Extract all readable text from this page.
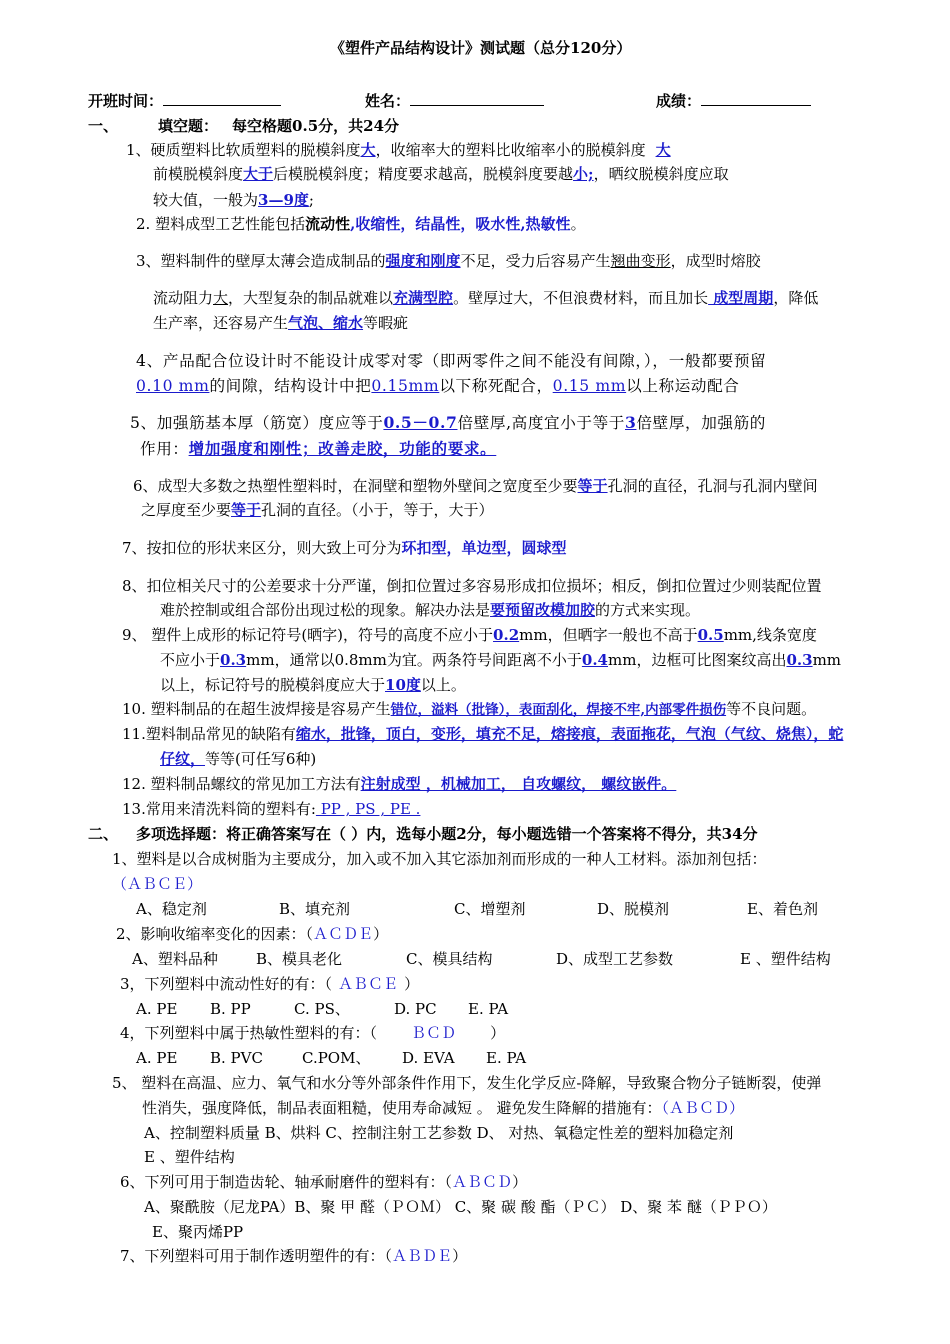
《塑件产品结构设计》测试题（总分120分）
开班时间：	姓名：	成绩：
一、	填空题： 每空格题0.5分，共24分
1、硬质塑料比软质塑料的脱模斜度大，收缩率大的塑料比收缩率小的脱模斜度 大
前模脱模斜度大于后模脱模斜度；精度要求越高，脱模斜度要越小;，晒纹脱模斜度应取
较大值，一般为3—9度;
2. 塑料成型工艺性能包括流动性,收缩性，结晶性，吸水性,热敏性。
3、塑料制件的壁厚太薄会造成制品的强度和刚度不足，受力后容易产生翘曲变形，成型时熔胶
流动阻力大，大型复杂的制品就难以充满型腔。壁厚过大，不但浪费材料，而且加长 成型周期，降低
生产率，还容易产生气泡、缩水等暇疵
4、产品配合位设计时不能设计成零对零（即两零件之间不能没有间隙，），一般都要预留
0.10 mm的间隙，结构设计中把0.15mm以下称死配合，0.15 mm以上称运动配合
5、加强筋基本厚（筋宽）度应等于0.5－0.7倍壁厚,高度宜小于等于3倍壁厚，加强筋的
作用：增加强度和刚性；改善走胶，功能的要求。
6、成型大多数之热塑性塑料时，在洞壁和塑物外壁间之宽度至少要等于孔洞的直径，孔洞与孔洞内壁间
之厚度至少要等于孔洞的直径。（小于，等于，大于）
7、按扣位的形状来区分，则大致上可分为环扣型，单边型，圆球型
8、扣位相关尺寸的公差要求十分严谨，倒扣位置过多容易形成扣位损坏；相反，倒扣位置过少则装配位置
难於控制或组合部份出现过松的现象。解决办法是要预留改模加胶的方式来实现。
9、 塑件上成形的标记符号(晒字)，符号的高度不应小于0.2mm，但晒字一般也不高于0.5mm,线条宽度
不应小于0.3mm，通常以0.8mm为宜。两条符号间距离不小于0.4mm，边框可比图案纹高出0.3mm
以上，标记符号的脱模斜度应大于10度以上。
10. 塑料制品的在超生波焊接是容易产生错位，溢料（批锋），表面刮化，焊接不牢,内部零件损伤等不良问题。
11.塑料制品常见的缺陷有缩水，批锋，顶白，变形，填充不足，熔接痕，表面拖花，气泡（气纹、烧焦），蛇
仔纹，等等(可任写6种)
12. 塑料制品螺纹的常见加工方法有注射成型 ，机械加工， 自攻螺纹， 螺纹嵌件。
13.常用来清洗料筒的塑料有: PP , PS , PE .
二、 多项选择题：将正确答案写在（ ）内，选每小题2分，每小题选错一个答案将不得分，共34分
1、塑料是以合成树脂为主要成分，加入或不加入其它添加剂而形成的一种人工材料。添加剂包括：
（ＡＢＣＥ）
A、稳定剂	B、填充剂	C、增塑剂	D、脱模剂	E、着色剂
2、影响收缩率变化的因素：（ＡＣＤＥ）
A、塑料品种	B、模具老化	C、模具结构	D、成型工艺参数	E 、塑件结构
3，下列塑料中流动性好的有：（ ＡＢＣＥ ）
A. PE B. PP	C. PS、	D. PC E. PA
4，下列塑料中属于热敏性塑料的有：（ ＢＣＤ ）
A. PE B. PVC	C.POM、 D. EVA E. PA
5、 塑料在高温、应力、氧气和水分等外部条件作用下，发生化学反应-降解，导致聚合物分子链断裂，使弹
性消失，强度降低，制品表面粗糙，使用寿命减短 。 避免发生降解的措施有：（ＡＢＣＤ）
A、控制塑料质量 B、烘料 C、控制注射工艺参数 D、 对热、氧稳定性差的塑料加稳定剂
E 、塑件结构
6、下列可用于制造齿轮、轴承耐磨件的塑料有：（ＡＢＣＤ）
A、聚酰胺（尼龙PA）B、聚 甲 醛（ＰＯＭ） C、聚 碳 酸 酯（ＰＣ） D、聚 苯 醚（ＰＰＯ）
E、聚丙烯PP
7、下列塑料可用于制作透明塑件的有：（ＡＢＤＥ）
